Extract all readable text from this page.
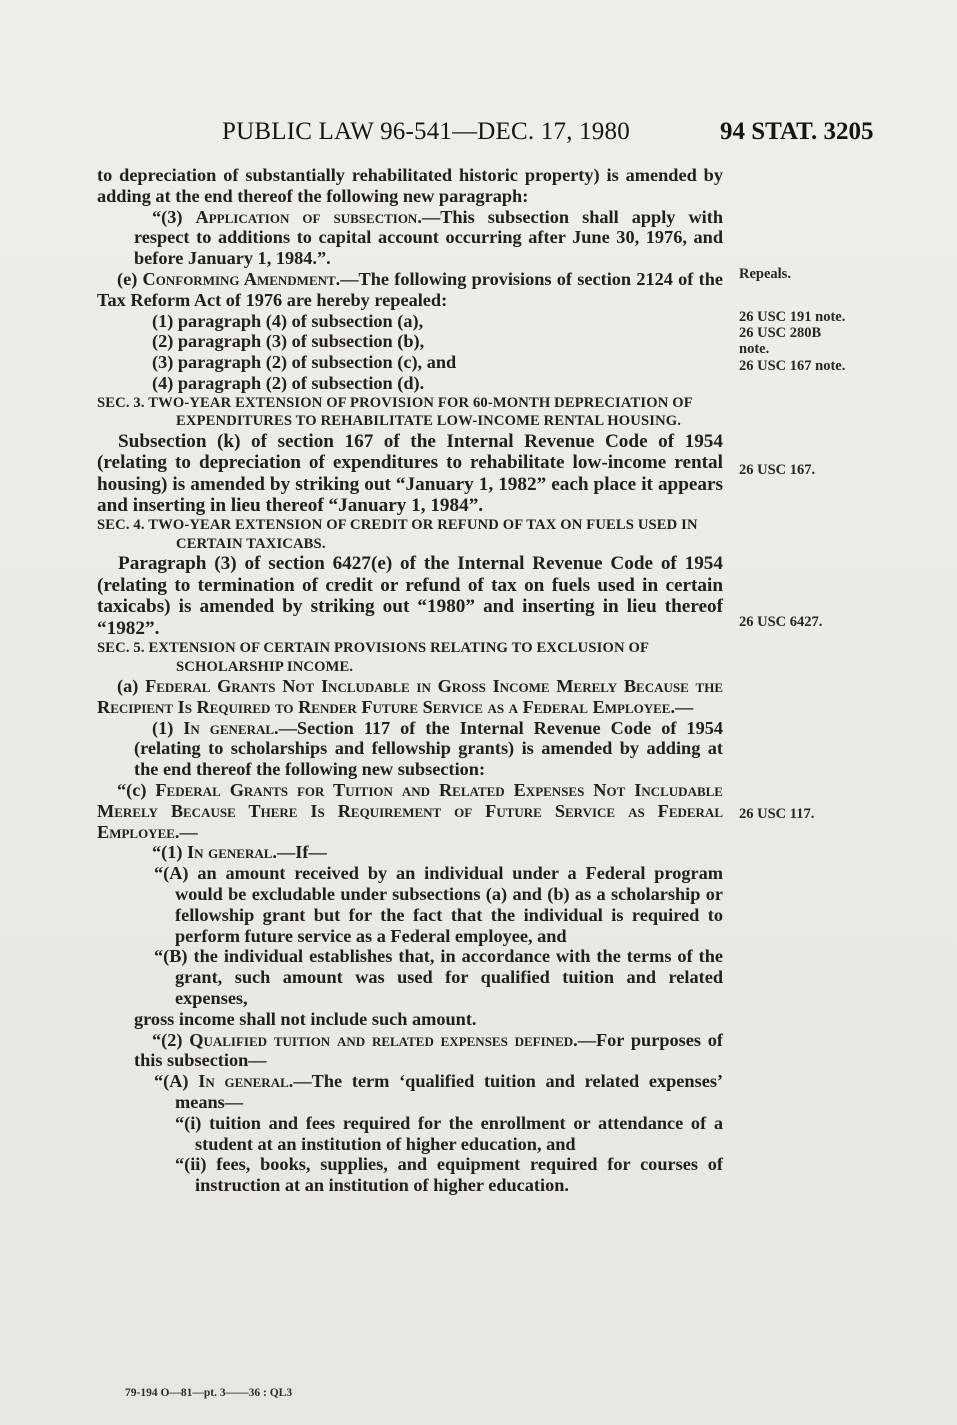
PUBLIC LAW 96-541—DEC. 17, 1980	94 STAT. 3205

to depreciation of substantially rehabilitated historic property) is amended by adding at the end thereof the following new paragraph:

“(3) Application of subsection.—This subsection shall apply with respect to additions to capital account occurring after June 30, 1976, and before January 1, 1984.”.

(e) Conforming Amendment.—The following provisions of section 2124 of the Tax Reform Act of 1976 are hereby repealed:

(1) paragraph (4) of subsection (a),

(2) paragraph (3) of subsection (b),

(3) paragraph (2) of subsection (c), and

(4) paragraph (2) of subsection (d).

SEC. 3. TWO-YEAR EXTENSION OF PROVISION FOR 60-MONTH DEPRECIATION OF EXPENDITURES TO REHABILITATE LOW-INCOME RENTAL HOUSING.

Subsection (k) of section 167 of the Internal Revenue Code of 1954 (relating to depreciation of expenditures to rehabilitate low-income rental housing) is amended by striking out “January 1, 1982” each place it appears and inserting in lieu thereof “January 1, 1984”.

SEC. 4. TWO-YEAR EXTENSION OF CREDIT OR REFUND OF TAX ON FUELS USED IN CERTAIN TAXICABS.

Paragraph (3) of section 6427(e) of the Internal Revenue Code of 1954 (relating to termination of credit or refund of tax on fuels used in certain taxicabs) is amended by striking out “1980” and inserting in lieu thereof “1982”.

SEC. 5. EXTENSION OF CERTAIN PROVISIONS RELATING TO EXCLUSION OF SCHOLARSHIP INCOME.

(a) Federal Grants Not Includable in Gross Income Merely Because the Recipient Is Required to Render Future Service as a Federal Employee.—

(1) In general.—Section 117 of the Internal Revenue Code of 1954 (relating to scholarships and fellowship grants) is amended by adding at the end thereof the following new subsection:

“(c) Federal Grants for Tuition and Related Expenses Not Includable Merely Because There Is Requirement of Future Service as Federal Employee.—

“(1) In general.—If—

“(A) an amount received by an individual under a Federal program would be excludable under subsections (a) and (b) as a scholarship or fellowship grant but for the fact that the individual is required to perform future service as a Federal employee, and

“(B) the individual establishes that, in accordance with the terms of the grant, such amount was used for qualified tuition and related expenses,

gross income shall not include such amount.

“(2) Qualified tuition and related expenses defined.—For purposes of this subsection—

“(A) In general.—The term ‘qualified tuition and related expenses’ means—

“(i) tuition and fees required for the enrollment or attendance of a student at an institution of higher education, and

“(ii) fees, books, supplies, and equipment required for courses of instruction at an institution of higher education.

Repeals.
26 USC 191 note.
26 USC 280B note.
26 USC 167 note.
26 USC 167.
26 USC 6427.
26 USC 117.
79-194 O—81—pt. 3——36 : QL3
